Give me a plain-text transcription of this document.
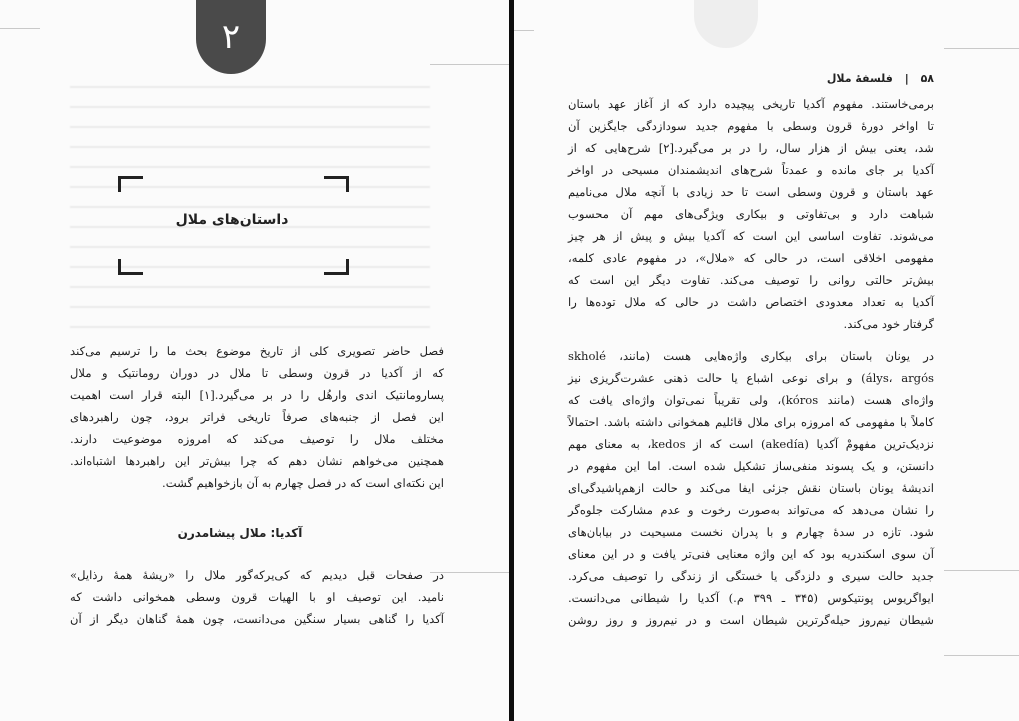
۲
داستان‌های ملال
فصل حاضر تصویری کلی از تاریخ موضوع بحث ما را ترسیم می‌کند
که از آکدیا در قرون وسطی تا ملال در دوران رومانتیک و ملال
پسارومانتیک اندی وارهُل را در بر می‌گیرد.[۱] البته قرار است اهمیت
این فصل از جنبه‌های صرفاً تاریخی فراتر برود، چون راهبردهای
مختلف ملال را توصیف می‌کند که امروزه موضوعیت دارند.
همچنین می‌خواهم نشان دهم که چرا بیش‌تر این راهبردها اشتباه‌اند.
این نکته‌ای است که در فصل چهارم به آن بازخواهیم گشت.
آکدیا: ملال پیشامدرن
در صفحات قبل دیدیم که کی‌یرکه‌گور ملال را «ریشهٔ همهٔ رذایل»
نامید. این توصیف او با الهیات قرون وسطی همخوانی داشت که
آکدیا را گناهی بسیار سنگین می‌دانست، چون همهٔ گناهان دیگر از آن
۵۸ | فلسفهٔ ملال
برمی‌خاستند. مفهوم آکدیا تاریخی پیچیده دارد که از آغاز عهد باستان
تا اواخر دورهٔ قرون وسطی با مفهوم جدید سودازدگی جایگزین آن
شد، یعنی بیش از هزار سال، را در بر می‌گیرد.[۲] شرح‌هایی که از
آکدیا بر جای مانده و عمدتاً شرح‌های اندیشمندان مسیحی در اواخر
عهد باستان و قرون وسطی است تا حد زیادی با آنچه ملال می‌نامیم
شباهت دارد و بی‌تفاوتی و بیکاری ویژگی‌های مهم آن محسوب
می‌شوند. تفاوت اساسی این است که آکدیا بیش و پیش از هر چیز
مفهومی اخلاقی است، در حالی که «ملال»، در مفهوم عادی کلمه،
بیش‌تر حالتی روانی را توصیف می‌کند. تفاوت دیگر این است که
آکدیا به تعداد معدودی اختصاص داشت در حالی که ملال توده‌ها را
گرفتار خود می‌کند.
در یونان باستان برای بیکاری واژه‌هایی هست (مانند، skholé
álys، argós) و برای نوعی اشباع یا حالت ذهنی عشرت‌گریزی نیز
واژه‌ای هست (مانند kóros)، ولی تقریباً نمی‌توان واژه‌ای یافت که
کاملاً با مفهومی که امروزه برای ملال قائلیم همخوانی داشته باشد. احتمالاً
نزدیک‌ترین مفهومْ آکدیا (akedía) است که از kedos، به معنای مهم
دانستن، و یک پسوند منفی‌ساز تشکیل شده است. اما این مفهوم در
اندیشهٔ یونان باستان نقش جزئی ایفا می‌کند و حالت ازهم‌پاشیدگی‌ای
را نشان می‌دهد که می‌تواند به‌صورت رخوت و عدم مشارکت جلوه‌گر
شود. تازه در سدهٔ چهارم و با پدران نخست مسیحیت در بیابان‌های
آن سوی اسکندریه بود که این واژه معنایی فنی‌تر یافت و در این معنای
جدید حالت سیری و دلزدگی یا خستگی از زندگی را توصیف می‌کرد.
ایواگریوس پونتیکوس (۳۴۵ ـ ۳۹۹ م.) آکدیا را شیطانی می‌دانست.
شیطان نیم‌روز حیله‌گرترین شیطان است و در نیم‌روز و روز روشن
